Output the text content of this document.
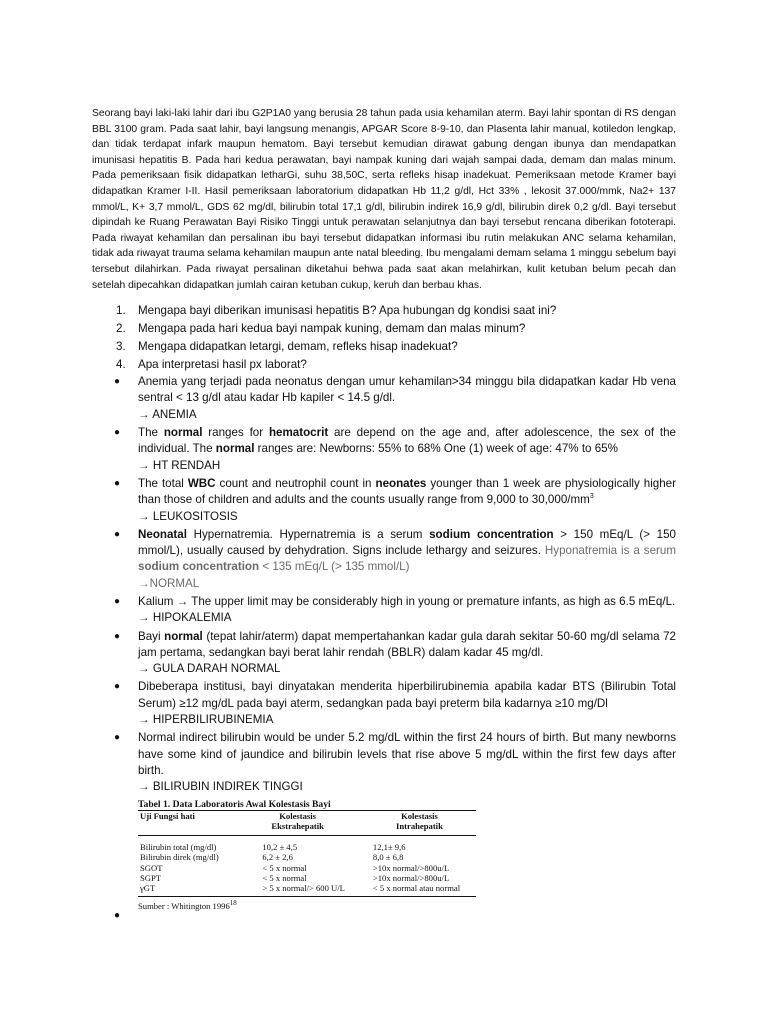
Seorang bayi laki-laki lahir dari ibu G2P1A0 yang berusia 28 tahun pada usia kehamilan aterm. Bayi lahir spontan di RS dengan BBL 3100 gram. Pada saat lahir, bayi langsung menangis, APGAR Score 8-9-10, dan Plasenta lahir manual, kotiledon lengkap, dan tidak terdapat infark maupun hematom. Bayi tersebut kemudian dirawat gabung dengan ibunya dan mendapatkan imunisasi hepatitis B. Pada hari kedua perawatan, bayi nampak kuning dari wajah sampai dada, demam dan malas minum. Pada pemeriksaan fisik didapatkan letharGi, suhu 38,50C, serta refleks hisap inadekuat. Pemeriksaan metode Kramer bayi didapatkan Kramer I-II. Hasil pemeriksaan laboratorium didapatkan Hb 11,2 g/dl, Hct 33% , lekosit 37.000/mmk, Na2+ 137 mmol/L, K+ 3,7 mmol/L, GDS 62 mg/dl, bilirubin total 17,1 g/dl, bilirubin indirek 16,9 g/dl, bilirubin direk 0,2 g/dl. Bayi tersebut dipindah ke Ruang Perawatan Bayi Risiko Tinggi untuk perawatan selanjutnya dan bayi tersebut rencana diberikan fototerapi. Pada riwayat kehamilan dan persalinan ibu bayi tersebut didapatkan informasi ibu rutin melakukan ANC selama kehamilan, tidak ada riwayat trauma selama kehamilan maupun ante natal bleeding. Ibu mengalami demam selama 1 minggu sebelum bayi tersebut dilahirkan. Pada riwayat persalinan diketahui behwa pada saat akan melahirkan, kulit ketuban belum pecah dan setelah dipecahkan didapatkan jumlah cairan ketuban cukup, keruh dan berbau khas.

1. Mengapa bayi diberikan imunisasi hepatitis B? Apa hubungan dg kondisi saat ini?
2. Mengapa pada hari kedua bayi nampak kuning, demam dan malas minum?
3. Mengapa didapatkan letargi, demam, refleks hisap inadekuat?
4. Apa interpretasi hasil px laborat?
● Anemia yang terjadi pada neonatus dengan umur kehamilan>34 minggu bila didapatkan kadar Hb vena sentral < 13 g/dl atau kadar Hb kapiler < 14.5 g/dl.
→ ANEMIA
● The normal ranges for hematocrit are depend on the age and, after adolescence, the sex of the individual. The normal ranges are: Newborns: 55% to 68% One (1) week of age: 47% to 65%
→ HT RENDAH
● The total WBC count and neutrophil count in neonates younger than 1 week are physiologically higher than those of children and adults and the counts usually range from 9,000 to $30,000/mm^3$
→ LEUKOSITOSIS
● Neonatal Hypernatremia. Hypernatremia is a serum sodium concentration > 150 mEq/L (> 150 mmol/L), usually caused by dehydration. Signs include lethargy and seizures. Hyponatremia is a serum sodium concentration < 135 mEq/L (> 135 mmol/L)
→NORMAL
● Kalium → The upper limit may be considerably high in young or premature infants, as high as 6.5 mEq/L.
→ HIPOKALEMIA
● Bayi normal (tepat lahir/aterm) dapat mempertahankan kadar gula darah sekitar 50-60 mg/dl selama 72 jam pertama, sedangkan bayi berat lahir rendah (BBLR) dalam kadar 45 mg/dl.
→ GULA DARAH NORMAL
● Dibeberapa institusi, bayi dinyatakan menderita hiperbilirubinemia apabila kadar BTS (Bilirubin Total Serum) ≥12 mg/dL pada bayi aterm, sedangkan pada bayi preterm bila kadarnya ≥10 mg/Dl
→ HIPERBILIRUBINEMIA
● Normal indirect bilirubin would be under 5.2 mg/dL within the first 24 hours of birth. But many newborns have some kind of jaundice and bilirubin levels that rise above 5 mg/dL within the first few days after birth.
→ BILIRUBIN INDIREK TINGGI
Tabel 1. Data Laboratoris Awal Kolestasis Bayi
Uji Fungsi hati	Kolestasis	Kolestasis
	Ekstrahepatik	Intrahepatik
Bilirubin total (mg/dl)	10,2 ± 4,5	12,1± 9,6
Bilirubin direk (mg/dl)	6,2 ± 2,6	8,0 ± 6,8
SGOT	< 5 x normal	>10x normal/>800u/L
SGPT	< 5 x normal	>10x normal/>800u/L
γGT	> 5 x normal/> 600 U/L	< 5 x normal atau normal
Sumber : Whitington 1996$^{18}$
●
